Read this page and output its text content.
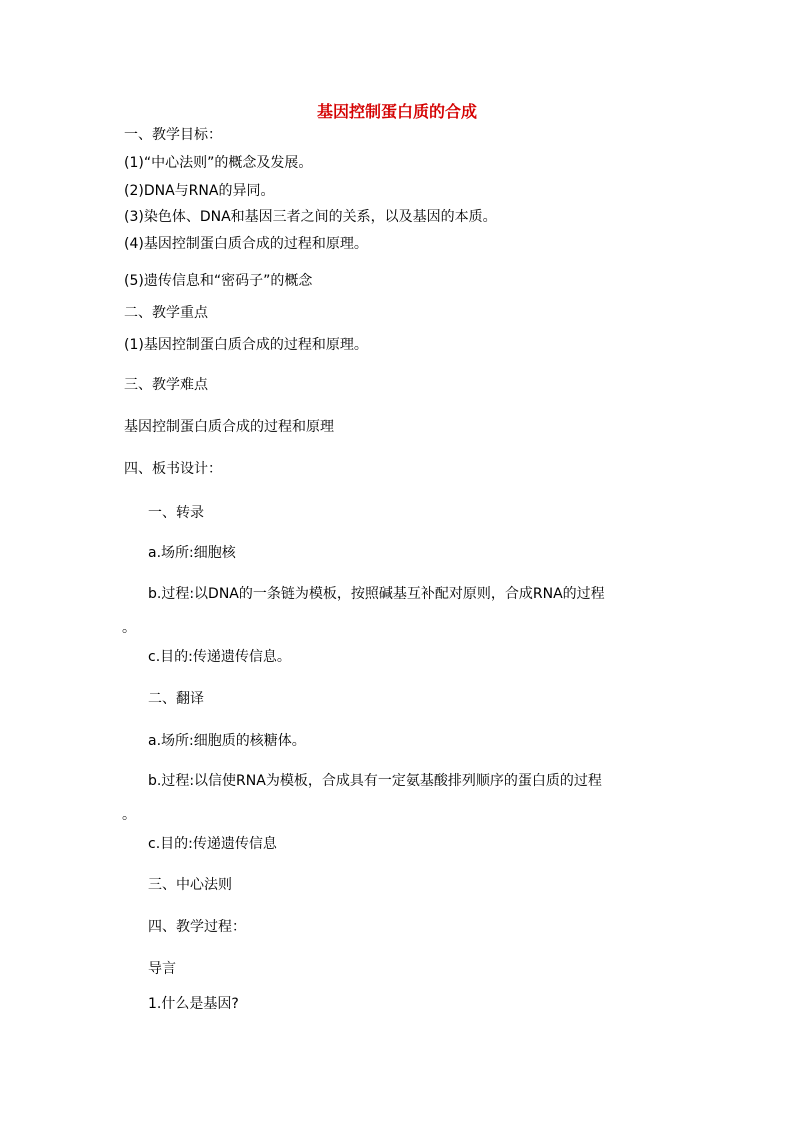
基因控制蛋白质的合成
一、教学目标：
(1)“中心法则”的概念及发展。
(2)DNA与RNA的异同。
(3)染色体、DNA和基因三者之间的关系，以及基因的本质。
(4)基因控制蛋白质合成的过程和原理。
(5)遗传信息和“密码子”的概念
二、教学重点
(1)基因控制蛋白质合成的过程和原理。
三、教学难点
基因控制蛋白质合成的过程和原理
四、板书设计：
一、转录
a.场所:细胞核
b.过程:以DNA的一条链为模板，按照碱基互补配对原则，合成RNA的过程
。
c.目的:传递遗传信息。
二、翻译
a.场所:细胞质的核糖体。
b.过程:以信使RNA为模板，合成具有一定氨基酸排列顺序的蛋白质的过程
。
c.目的:传递遗传信息
三、中心法则
四、教学过程：
导言
1.什么是基因?
